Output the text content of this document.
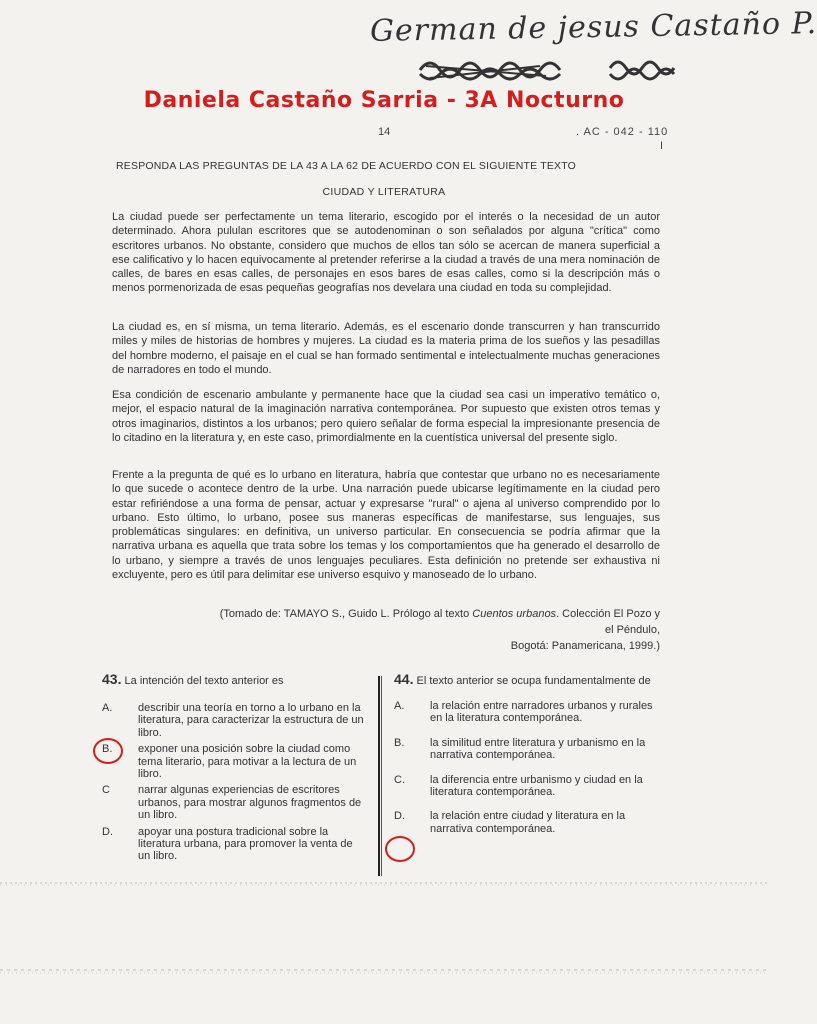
German de jesus Castaño P.
Daniela Castaño Sarria - 3A Nocturno
14	. AC - 042 - 110
I
RESPONDA LAS PREGUNTAS DE LA 43 A LA 62 DE ACUERDO CON EL SIGUIENTE TEXTO
CIUDAD Y LITERATURA

La ciudad puede ser perfectamente un tema literario, escogido por el interés o la necesidad de un autor determinado. Ahora pululan escritores que se autodenominan o son señalados por alguna "crítica" como escritores urbanos. No obstante, considero que muchos de ellos tan sólo se acercan de manera superficial a ese calificativo y lo hacen equivocamente al pretender referirse a la ciudad a través de una mera nominación de calles, de bares en esas calles, de personajes en esos bares de esas calles, como si la descripción más o menos pormenorizada de esas pequeñas geografías nos develara una ciudad en toda su complejidad.

La ciudad es, en sí misma, un tema literario. Además, es el escenario donde transcurren y han transcurrido miles y miles de historias de hombres y mujeres. La ciudad es la materia prima de los sueños y las pesadillas del hombre moderno, el paisaje en el cual se han formado sentimental e intelectualmente muchas generaciones de narradores en todo el mundo.

Esa condición de escenario ambulante y permanente hace que la ciudad sea casi un imperativo temático o, mejor, el espacio natural de la imaginación narrativa contemporánea. Por supuesto que existen otros temas y otros imaginarios, distintos a los urbanos; pero quiero señalar de forma especial la impresionante presencia de lo citadino en la literatura y, en este caso, primordialmente en la cuentística universal del presente siglo.

Frente a la pregunta de qué es lo urbano en literatura, habría que contestar que urbano no es necesariamente lo que sucede o acontece dentro de la urbe. Una narración puede ubicarse legítimamente en la ciudad pero estar refiriéndose a una forma de pensar, actuar y expresarse "rural" o ajena al universo comprendido por lo urbano. Esto último, lo urbano, posee sus maneras específicas de manifestarse, sus lenguajes, sus problemáticas singulares: en definitiva, un universo particular. En consecuencia se podría afirmar que la narrativa urbana es aquella que trata sobre los temas y los comportamientos que ha generado el desarrollo de lo urbano, y siempre a través de unos lenguajes peculiares. Esta definición no pretende ser exhaustiva ni excluyente, pero es útil para delimitar ese universo esquivo y manoseado de lo urbano.

(Tomado de: TAMAYO S., Guido L. Prólogo al texto Cuentos urbanos. Colección El Pozo y el Péndulo,
Bogotá: Panamericana, 1999.)
43. La intención del texto anterior es
A.	describir una teoría en torno a lo urbano en la literatura, para caracterizar la estructura de un libro.
B.	exponer una posición sobre la ciudad como tema literario, para motivar a la lectura de un libro.
C	narrar algunas experiencias de escritores urbanos, para mostrar algunos fragmentos de un libro.
D.	apoyar una postura tradicional sobre la literatura urbana, para promover la venta de un libro.
44. El texto anterior se ocupa fundamentalmente de
A.	la relación entre narradores urbanos y rurales en la literatura contemporánea.
B.	la similitud entre literatura y urbanismo en la narrativa contemporánea.
C.	la diferencia entre urbanismo y ciudad en la literatura contemporánea.
D.	la relación entre ciudad y literatura en la narrativa contemporánea.
